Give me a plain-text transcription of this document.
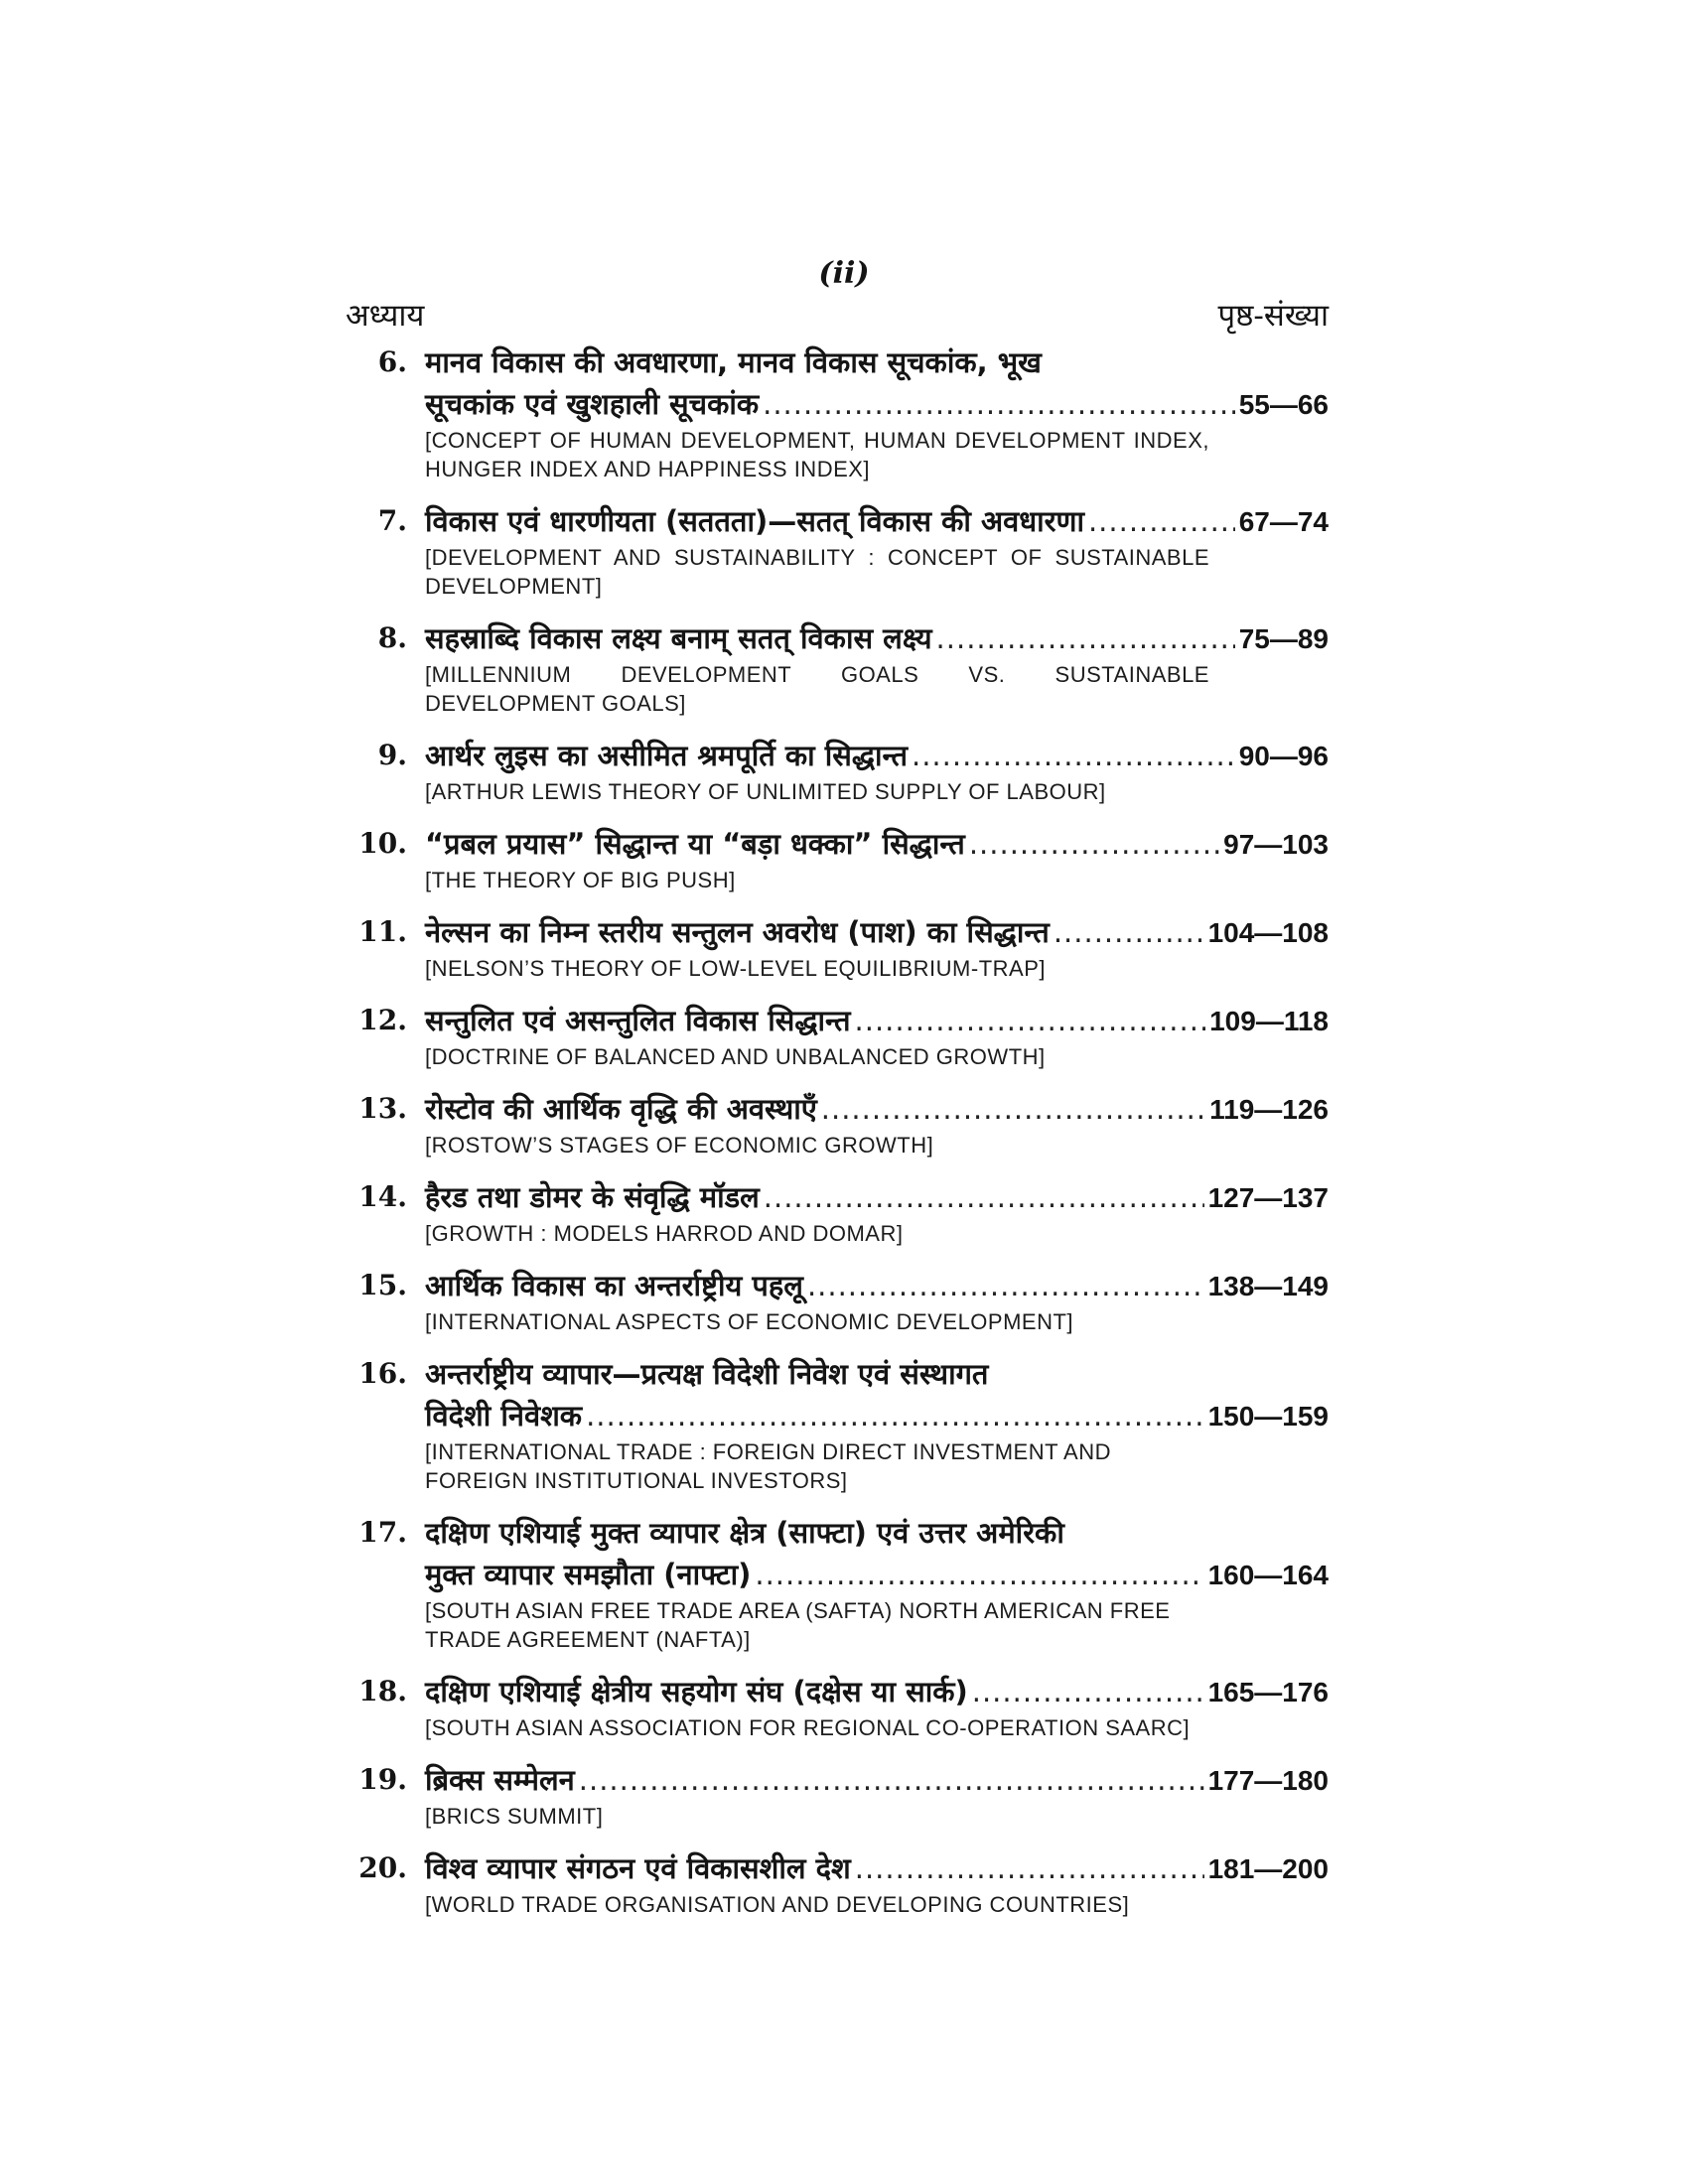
(ii)
अध्याय	पृष्ठ-संख्या
6. मानव विकास की अवधारणा, मानव विकास सूचकांक, भूख
सूचकांक एवं खुशहाली सूचकांक .....	55—66
[CONCEPT OF HUMAN DEVELOPMENT, HUMAN DEVELOPMENT INDEX, HUNGER INDEX AND HAPPINESS INDEX]
7. विकास एवं धारणीयता (सततता)—सतत् विकास की अवधारणा .....	67—74
[DEVELOPMENT AND SUSTAINABILITY : CONCEPT OF SUSTAINABLE DEVELOPMENT]
8. सहस्राब्दि विकास लक्ष्य बनाम् सतत् विकास लक्ष्य .....	75—89
[MILLENNIUM DEVELOPMENT GOALS VS. SUSTAINABLE DEVELOPMENT GOALS]
9. आर्थर लुइस का असीमित श्रमपूर्ति का सिद्धान्त .....	90—96
[ARTHUR LEWIS THEORY OF UNLIMITED SUPPLY OF LABOUR]
10. “प्रबल प्रयास” सिद्धान्त या “बड़ा धक्का” सिद्धान्त .....	97—103
[THE THEORY OF BIG PUSH]
11. नेल्सन का निम्न स्तरीय सन्तुलन अवरोध (पाश) का सिद्धान्त .....	104—108
[NELSON’S THEORY OF LOW-LEVEL EQUILIBRIUM-TRAP]
12. सन्तुलित एवं असन्तुलित विकास सिद्धान्त .....	109—118
[DOCTRINE OF BALANCED AND UNBALANCED GROWTH]
13. रोस्टोव की आर्थिक वृद्धि की अवस्थाएँ .....	119—126
[ROSTOW’S STAGES OF ECONOMIC GROWTH]
14. हैरड तथा डोमर के संवृद्धि मॉडल .....	127—137
[GROWTH : MODELS HARROD AND DOMAR]
15. आर्थिक विकास का अन्तर्राष्ट्रीय पहलू .....	138—149
[INTERNATIONAL ASPECTS OF ECONOMIC DEVELOPMENT]
16. अन्तर्राष्ट्रीय व्यापार—प्रत्यक्ष विदेशी निवेश एवं संस्थागत
विदेशी निवेशक .....	150—159
[INTERNATIONAL TRADE : FOREIGN DIRECT INVESTMENT AND FOREIGN INSTITUTIONAL INVESTORS]
17. दक्षिण एशियाई मुक्त व्यापार क्षेत्र (साफ्टा) एवं उत्तर अमेरिकी
मुक्त व्यापार समझौता (नाफ्टा) .....	160—164
[SOUTH ASIAN FREE TRADE AREA (SAFTA) NORTH AMERICAN FREE TRADE AGREEMENT (NAFTA)]
18. दक्षिण एशियाई क्षेत्रीय सहयोग संघ (दक्षेस या सार्क) .....	165—176
[SOUTH ASIAN ASSOCIATION FOR REGIONAL CO-OPERATION SAARC]
19. ब्रिक्स सम्मेलन .....	177—180
[BRICS SUMMIT]
20. विश्व व्यापार संगठन एवं विकासशील देश .....	181—200
[WORLD TRADE ORGANISATION AND DEVELOPING COUNTRIES]
